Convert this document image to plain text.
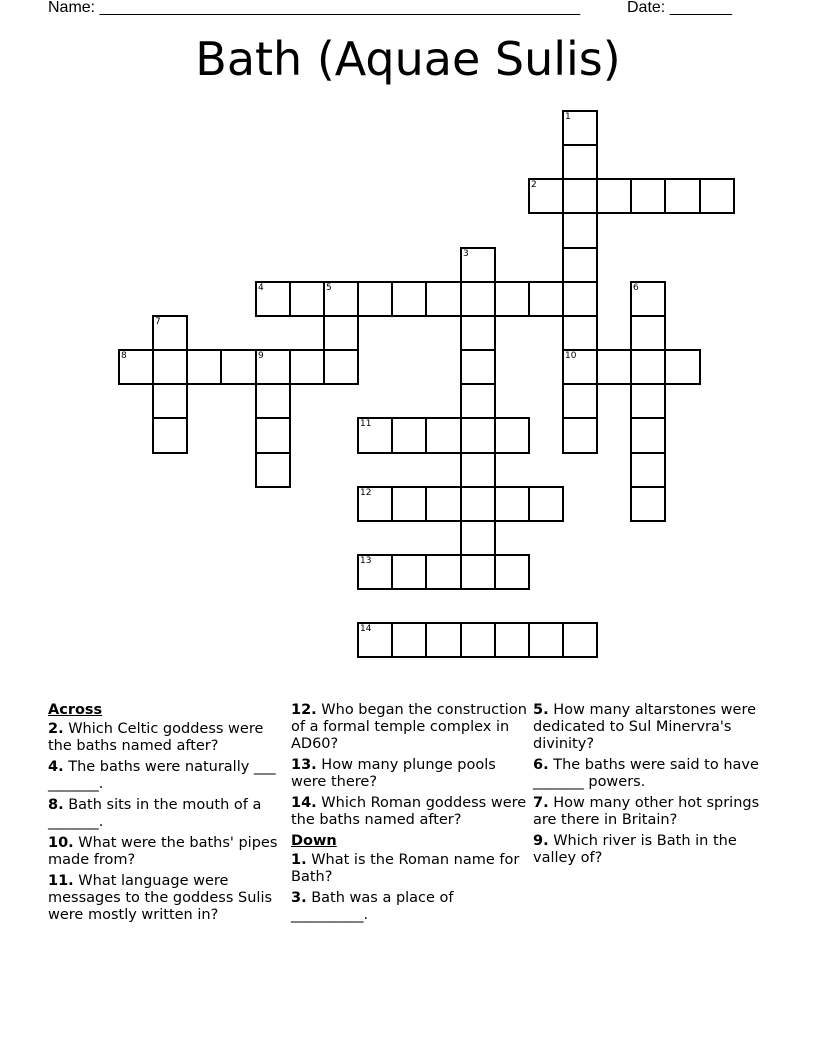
Name: ______________________________________________________	Date: _______
Bath (Aquae Sulis)
1
10
2
3
4	5	6
7
8	9
11
12
13
14
Across
2. Which Celtic goddess were the baths named after?
4. The baths were naturally ___ _______.
8. Bath sits in the mouth of a _______.
10. What were the baths' pipes made from?
11. What language were messages to the goddess Sulis were mostly written in?
12. Who began the construction of a formal temple complex in AD60?
13. How many plunge pools were there?
14. Which Roman goddess were the baths named after?
Down
1. What is the Roman name for Bath?
3. Bath was a place of __________.
5. How many altarstones were dedicated to Sul Minervra's divinity?
6. The baths were said to have _______ powers.
7. How many other hot springs are there in Britain?
9. Which river is Bath in the valley of?
